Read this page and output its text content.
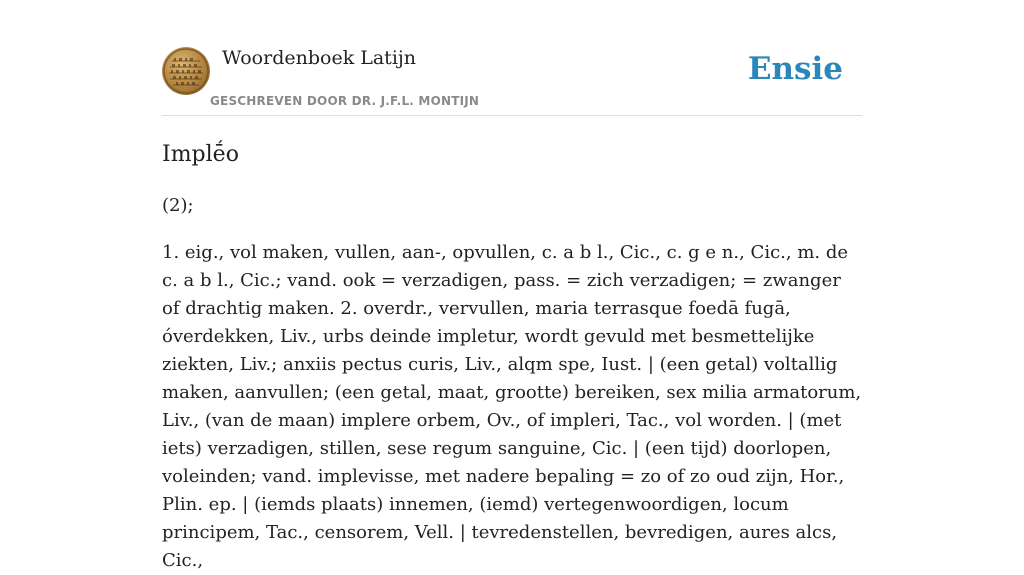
Woordenboek Latijn
GESCHREVEN DOOR DR. J.F.L. MONTIJN
Ensie
Implḗo

(2);

1. eig., vol maken, vullen, aan-, opvullen, c. a b l., Cic., c. g e n., Cic., m. de c. a b l., Cic.; vand. ook = verzadigen, pass. = zich verzadigen; = zwanger of drachtig maken. 2. overdr., vervullen, maria terrasque foedā fugā, óverdekken, Liv., urbs deinde impletur, wordt gevuld met besmettelijke ziekten, Liv.; anxiis pectus curis, Liv., alqm spe, Iust. | (een getal) voltallig maken, aanvullen; (een getal, maat, grootte) bereiken, sex milia armatorum, Liv., (van de maan) implere orbem, Ov., of impleri, Tac., vol worden. | (met iets) verzadigen, stillen, sese regum sanguine, Cic. | (een tijd) doorlopen, voleinden; vand. implevisse, met nadere bepaling = zo of zo oud zijn, Hor., Plin. ep. | (iemds plaats) innemen, (iemd) vertegenwoordigen, locum principem, Tac., censorem, Vell. | tevredenstellen, bevredigen, aures alcs, Cic.,
